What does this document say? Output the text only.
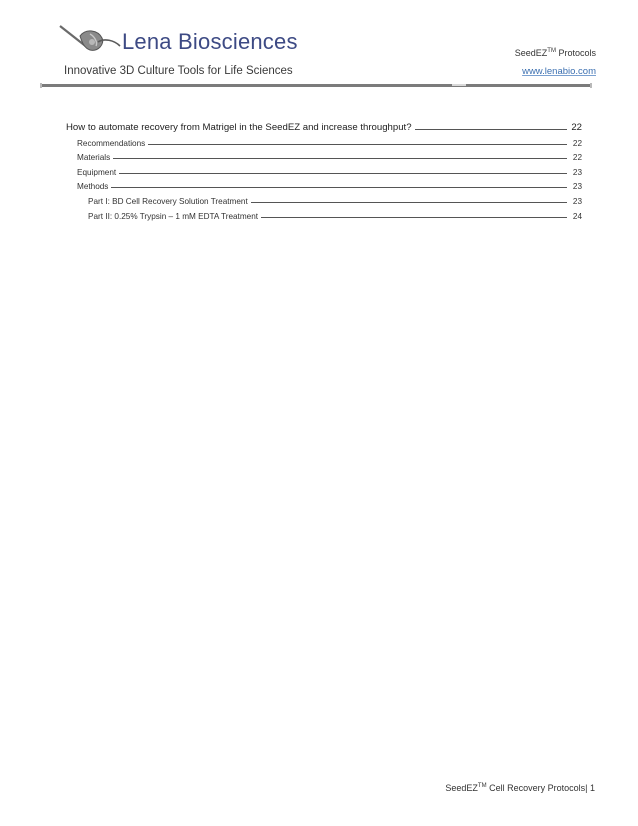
Lena Biosciences
Innovative 3D Culture Tools for Life Sciences
SeedEZ™ Protocols
www.lenabio.com
How to automate recovery from Matrigel in the SeedEZ and increase throughput?	22
Recommendations	22
Materials	22
Equipment	23
Methods	23
Part I: BD Cell Recovery Solution Treatment	23
Part II: 0.25% Trypsin – 1 mM EDTA Treatment	24
SeedEZ™ Cell Recovery Protocols| 1
